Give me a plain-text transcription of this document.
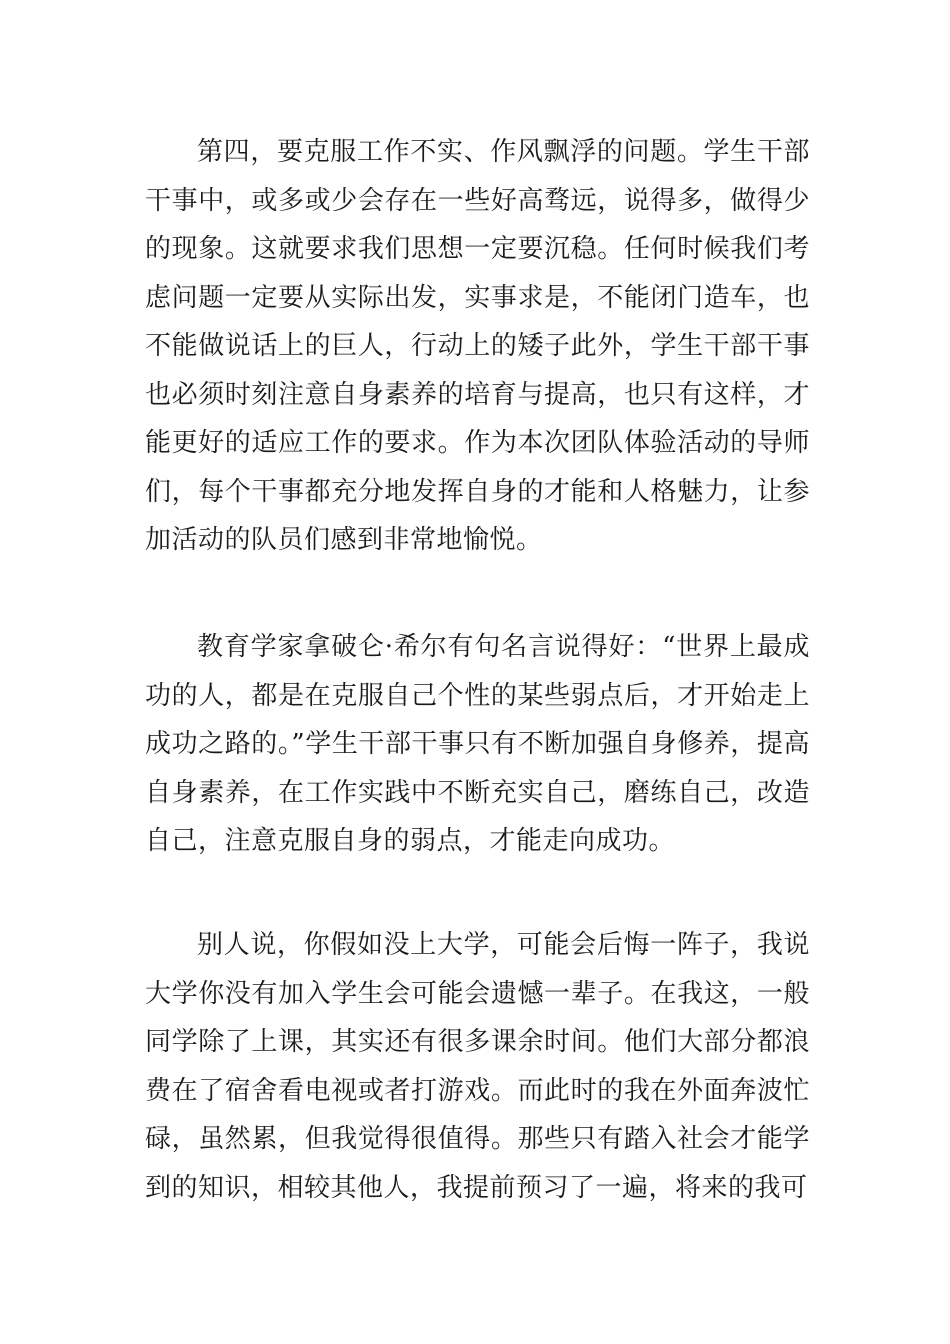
第四，要克服工作不实、作风飘浮的问题。学生干部干事中，或多或少会存在一些好高骛远，说得多，做得少的现象。这就要求我们思想一定要沉稳。任何时候我们考虑问题一定要从实际出发，实事求是，不能闭门造车，也不能做说话上的巨人，行动上的矮子此外，学生干部干事也必须时刻注意自身素养的培育与提高，也只有这样，才能更好的适应工作的要求。作为本次团队体验活动的导师们，每个干事都充分地发挥自身的才能和人格魅力，让参加活动的队员们感到非常地愉悦。

教育学家拿破仑·希尔有句名言说得好：“世界上最成功的人，都是在克服自己个性的某些弱点后，才开始走上成功之路的。”学生干部干事只有不断加强自身修养，提高自身素养，在工作实践中不断充实自己，磨练自己，改造自己，注意克服自身的弱点，才能走向成功。

别人说，你假如没上大学，可能会后悔一阵子，我说大学你没有加入学生会可能会遗憾一辈子。在我这，一般同学除了上课，其实还有很多课余时间。他们大部分都浪费在了宿舍看电视或者打游戏。而此时的我在外面奔波忙碌，虽然累，但我觉得很值得。那些只有踏入社会才能学到的知识，相较其他人，我提前预习了一遍，将来的我可
